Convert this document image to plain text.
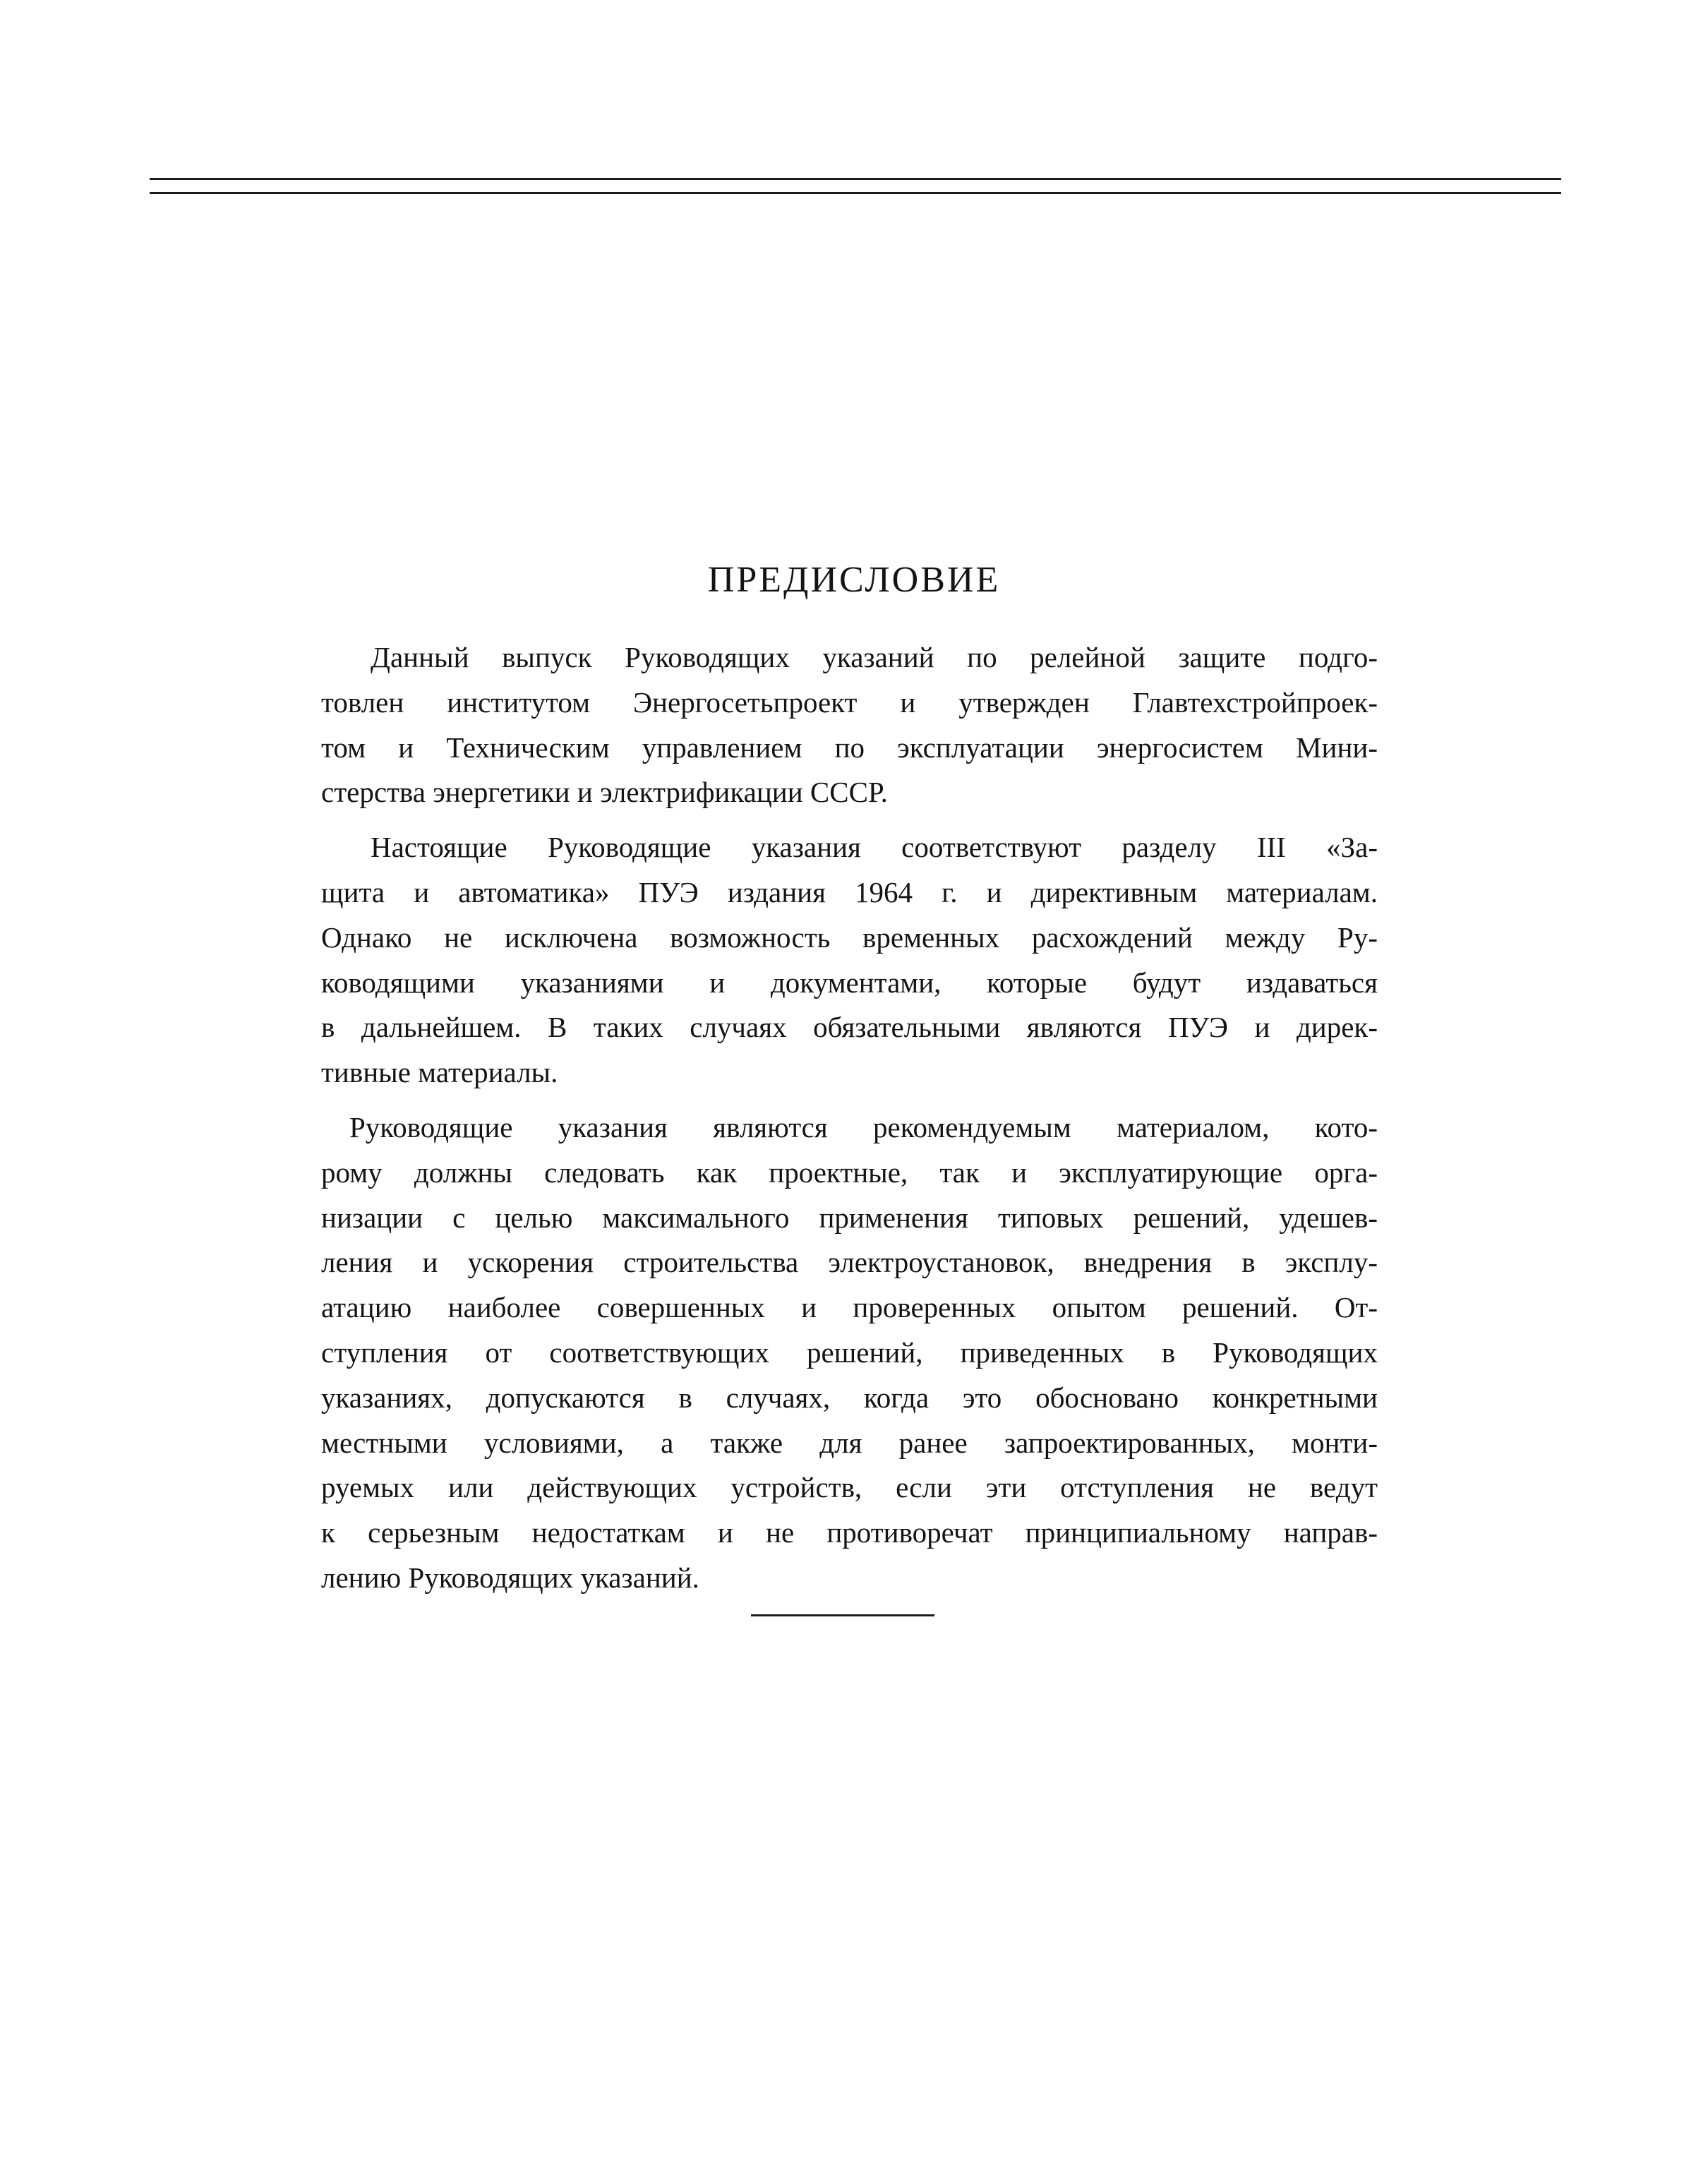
ПРЕДИСЛОВИЕ

Данный выпуск Руководящих указаний по релейной защите подго-
товлен институтом Энергосетьпроект и утвержден Главтехстройпроек-
том и Техническим управлением по эксплуатации энергосистем Мини-
стерства энергетики и электрификации СССР.

Настоящие Руководящие указания соответствуют разделу III «За-
щита и автоматика» ПУЭ издания 1964 г. и директивным материалам.
Однако не исключена возможность временных расхождений между Ру-
ководящими указаниями и документами, которые будут издаваться
в дальнейшем. В таких случаях обязательными являются ПУЭ и дирек-
тивные материалы.

Руководящие указания являются рекомендуемым материалом, кото-
рому должны следовать как проектные, так и эксплуатирующие орга-
низации с целью максимального применения типовых решений, удешев-
ления и ускорения строительства электроустановок, внедрения в эксплу-
атацию наиболее совершенных и проверенных опытом решений. От-
ступления от соответствующих решений, приведенных в Руководящих
указаниях, допускаются в случаях, когда это обосновано конкретными
местными условиями, а также для ранее запроектированных, монти-
руемых или действующих устройств, если эти отступления не ведут
к серьезным недостаткам и не противоречат принципиальному направ-
лению Руководящих указаний.
